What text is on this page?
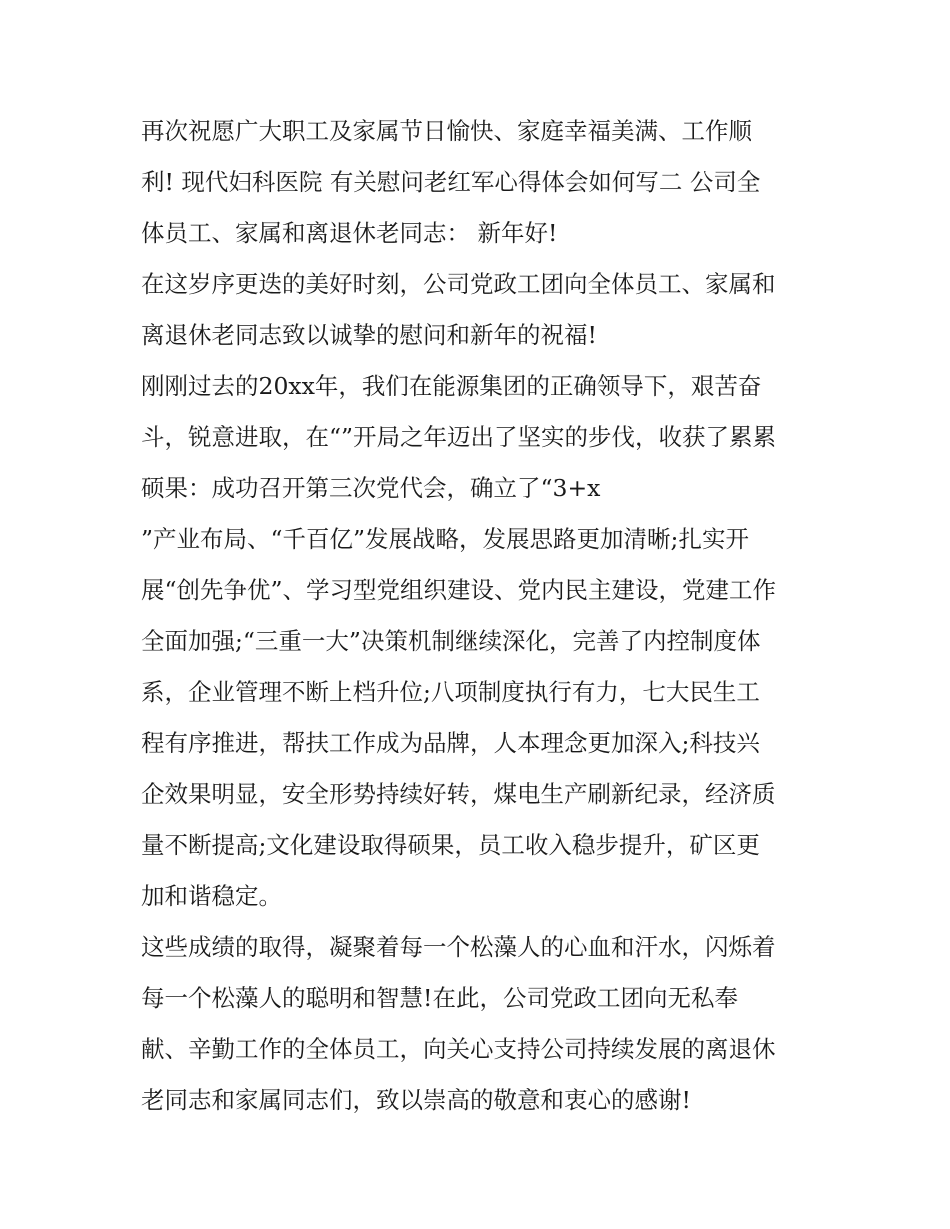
再次祝愿广大职工及家属节日愉快、家庭幸福美满、工作顺
利! 现代妇科医院 有关慰问老红军心得体会如何写二 公司全
体员工、家属和离退休老同志： 新年好!
在这岁序更迭的美好时刻，公司党政工团向全体员工、家属和
离退休老同志致以诚挚的慰问和新年的祝福!
刚刚过去的20xx年，我们在能源集团的正确领导下，艰苦奋
斗，锐意进取，在“”开局之年迈出了坚实的步伐，收获了累累
硕果：成功召开第三次党代会，确立了“3+x
”产业布局、“千百亿”发展战略，发展思路更加清晰;扎实开
展“创先争优”、学习型党组织建设、党内民主建设，党建工作
全面加强;“三重一大”决策机制继续深化，完善了内控制度体
系，企业管理不断上档升位;八项制度执行有力，七大民生工
程有序推进，帮扶工作成为品牌，人本理念更加深入;科技兴
企效果明显，安全形势持续好转，煤电生产刷新纪录，经济质
量不断提高;文化建设取得硕果，员工收入稳步提升，矿区更
加和谐稳定。
这些成绩的取得，凝聚着每一个松藻人的心血和汗水，闪烁着
每一个松藻人的聪明和智慧!在此，公司党政工团向无私奉
献、辛勤工作的全体员工，向关心支持公司持续发展的离退休
老同志和家属同志们，致以崇高的敬意和衷心的感谢!
